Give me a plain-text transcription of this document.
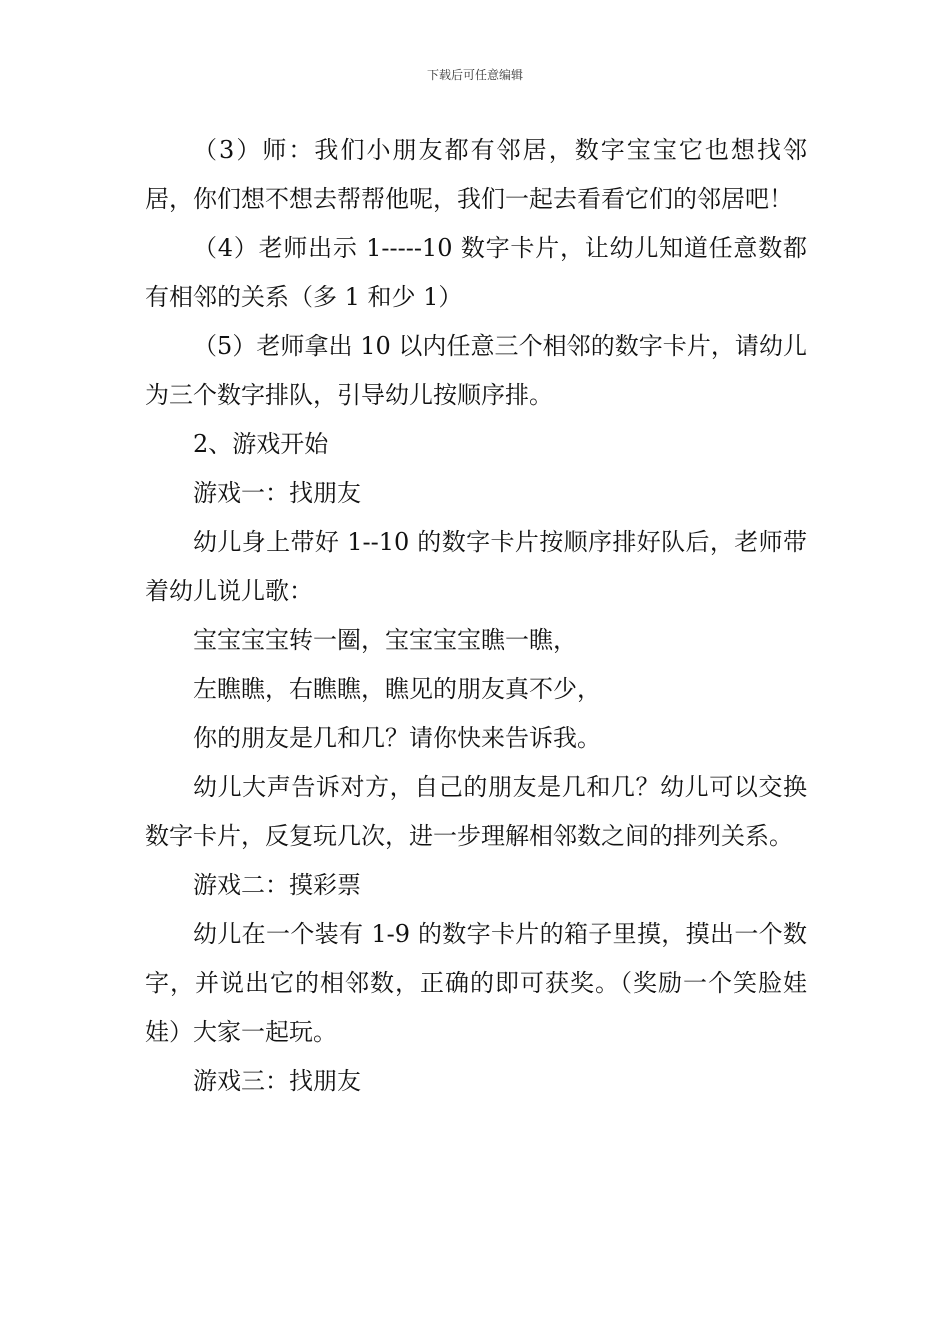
下载后可任意编辑

（3）师：我们小朋友都有邻居，数字宝宝它也想找邻居，你们想不想去帮帮他呢，我们一起去看看它们的邻居吧！

（4）老师出示 1-----10 数字卡片，让幼儿知道任意数都有相邻的关系（多 1 和少 1）

（5）老师拿出 10 以内任意三个相邻的数字卡片，请幼儿为三个数字排队，引导幼儿按顺序排。

2、游戏开始

游戏一：找朋友

幼儿身上带好 1--10 的数字卡片按顺序排好队后，老师带着幼儿说儿歌：

宝宝宝宝转一圈，宝宝宝宝瞧一瞧，

左瞧瞧，右瞧瞧，瞧见的朋友真不少，

你的朋友是几和几？请你快来告诉我。

幼儿大声告诉对方，自己的朋友是几和几？幼儿可以交换数字卡片，反复玩几次，进一步理解相邻数之间的排列关系。

游戏二：摸彩票

幼儿在一个装有 1-9 的数字卡片的箱子里摸，摸出一个数字，并说出它的相邻数，正确的即可获奖。（奖励一个笑脸娃娃）大家一起玩。

游戏三：找朋友
